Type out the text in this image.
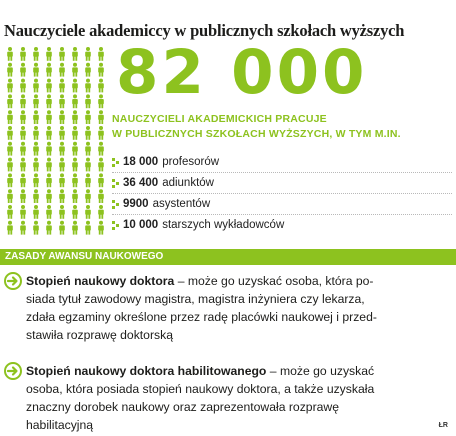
Nauczyciele akademiccy w publicznych szkołach wyższych
82 000
NAUCZYCIELI AKADEMICKICH PRACUJE
W PUBLICZNYCH SZKOŁACH WYŻSZYCH, W TYM M.IN.
18 000 profesorów
36 400 adiunktów
9900 asystentów
10 000 starszych wykładowców
ZASADY AWANSU NAUKOWEGO

Stopień naukowy doktora – może go uzyskać osoba, która po-

siada tytuł zawodowy magistra, magistra inżyniera czy lekarza,

zdała egzaminy określone przez radę placówki naukowej i przed-

stawiła rozprawę doktorską

Stopień naukowy doktora habilitowanego – może go uzyskać

osoba, która posiada stopień naukowy doktora, a także uzyskała

znaczny dorobek naukowy oraz zaprezentowała rozprawę

habilitacyjną	ŁR
